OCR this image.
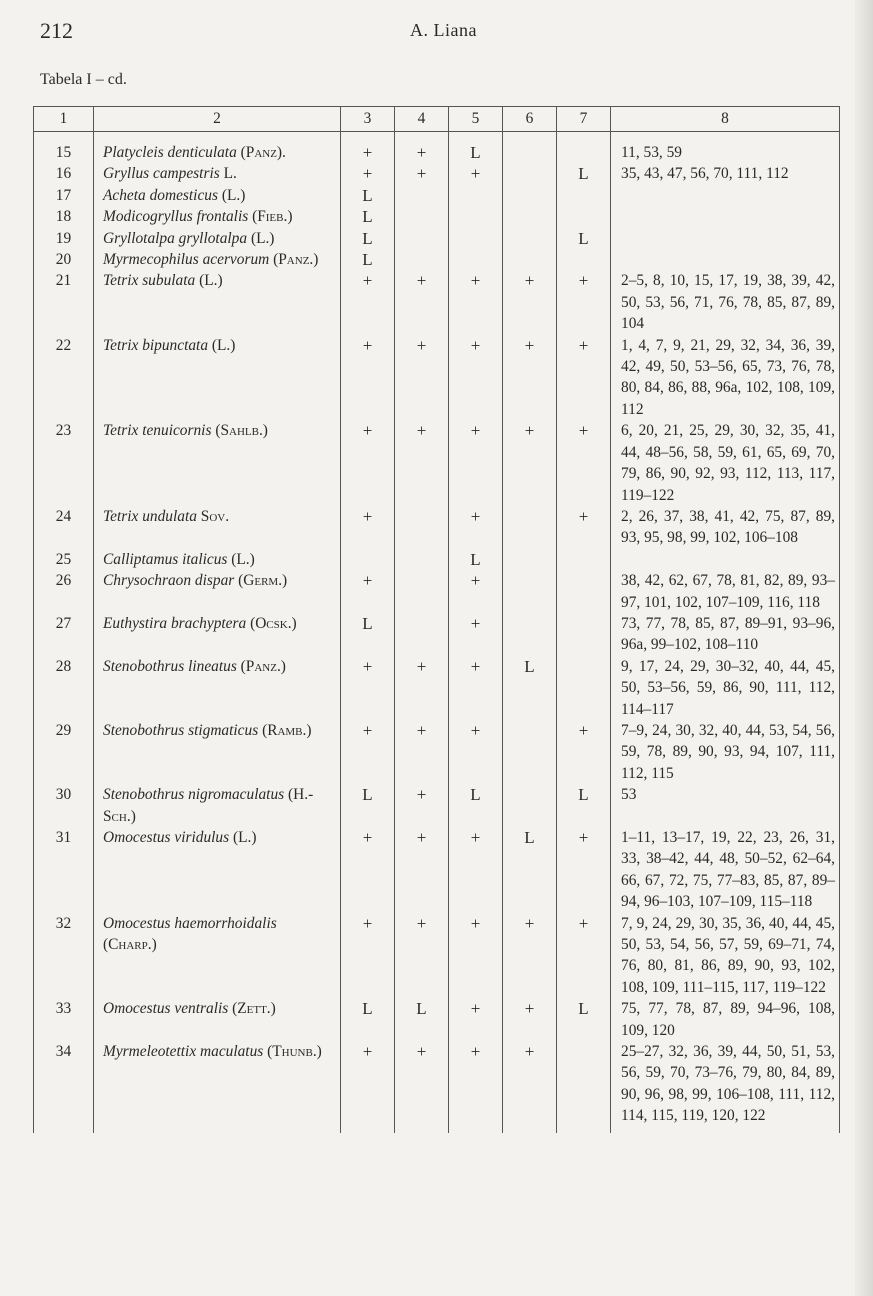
212	A. Liana
Tabela I – cd.
1	2	3	4	5	6	7	8
15	Platycleis denticulata (Panz).	+	+	L			11, 53, 59
16	Gryllus campestris L.	+	+	+		L	35, 43, 47, 56, 70, 111, 112
17	Acheta domesticus (L.)	L					
18	Modicogryllus frontalis (Fieb.)	L					
19	Gryllotalpa gryllotalpa (L.)	L				L	
20	Myrmecophilus acervorum (Panz.)	L					
21	Tetrix subulata (L.)	+	+	+	+	+	2–5, 8, 10, 15, 17, 19, 38, 39, 42, 50, 53, 56, 71, 76, 78, 85, 87, 89, 104
22	Tetrix bipunctata (L.)	+	+	+	+	+	1, 4, 7, 9, 21, 29, 32, 34, 36, 39, 42, 49, 50, 53–56, 65, 73, 76, 78, 80, 84, 86, 88, 96a, 102, 108, 109, 112
23	Tetrix tenuicornis (Sahlb.)	+	+	+	+	+	6, 20, 21, 25, 29, 30, 32, 35, 41, 44, 48–56, 58, 59, 61, 65, 69, 70, 79, 86, 90, 92, 93, 112, 113, 117, 119–122
24	Tetrix undulata Sov.	+		+		+	2, 26, 37, 38, 41, 42, 75, 87, 89, 93, 95, 98, 99, 102, 106–108
25	Calliptamus italicus (L.)			L			
26	Chrysochraon dispar (Germ.)	+		+			38, 42, 62, 67, 78, 81, 82, 89, 93–97, 101, 102, 107–109, 116, 118
27	Euthystira brachyptera (Ocsk.)	L		+			73, 77, 78, 85, 87, 89–91, 93–96, 96a, 99–102, 108–110
28	Stenobothrus lineatus (Panz.)	+	+	+	L		9, 17, 24, 29, 30–32, 40, 44, 45, 50, 53–56, 59, 86, 90, 111, 112, 114–117
29	Stenobothrus stigmaticus (Ramb.)	+	+	+		+	7–9, 24, 30, 32, 40, 44, 53, 54, 56, 59, 78, 89, 90, 93, 94, 107, 111, 112, 115
30	Stenobothrus nigromaculatus (H.-Sch.)	L	+	L		L	53
31	Omocestus viridulus (L.)	+	+	+	L	+	1–11, 13–17, 19, 22, 23, 26, 31, 33, 38–42, 44, 48, 50–52, 62–64, 66, 67, 72, 75, 77–83, 85, 87, 89–94, 96–103, 107–109, 115–118
32	Omocestus haemorrhoidalis (Charp.)	+	+	+	+	+	7, 9, 24, 29, 30, 35, 36, 40, 44, 45, 50, 53, 54, 56, 57, 59, 69–71, 74, 76, 80, 81, 86, 89, 90, 93, 102, 108, 109, 111–115, 117, 119–122
33	Omocestus ventralis (Zett.)	L	L	+	+	L	75, 77, 78, 87, 89, 94–96, 108, 109, 120
34	Myrmeleotettix maculatus (Thunb.)	+	+	+	+		25–27, 32, 36, 39, 44, 50, 51, 53, 56, 59, 70, 73–76, 79, 80, 84, 89, 90, 96, 98, 99, 106–108, 111, 112, 114, 115, 119, 120, 122
